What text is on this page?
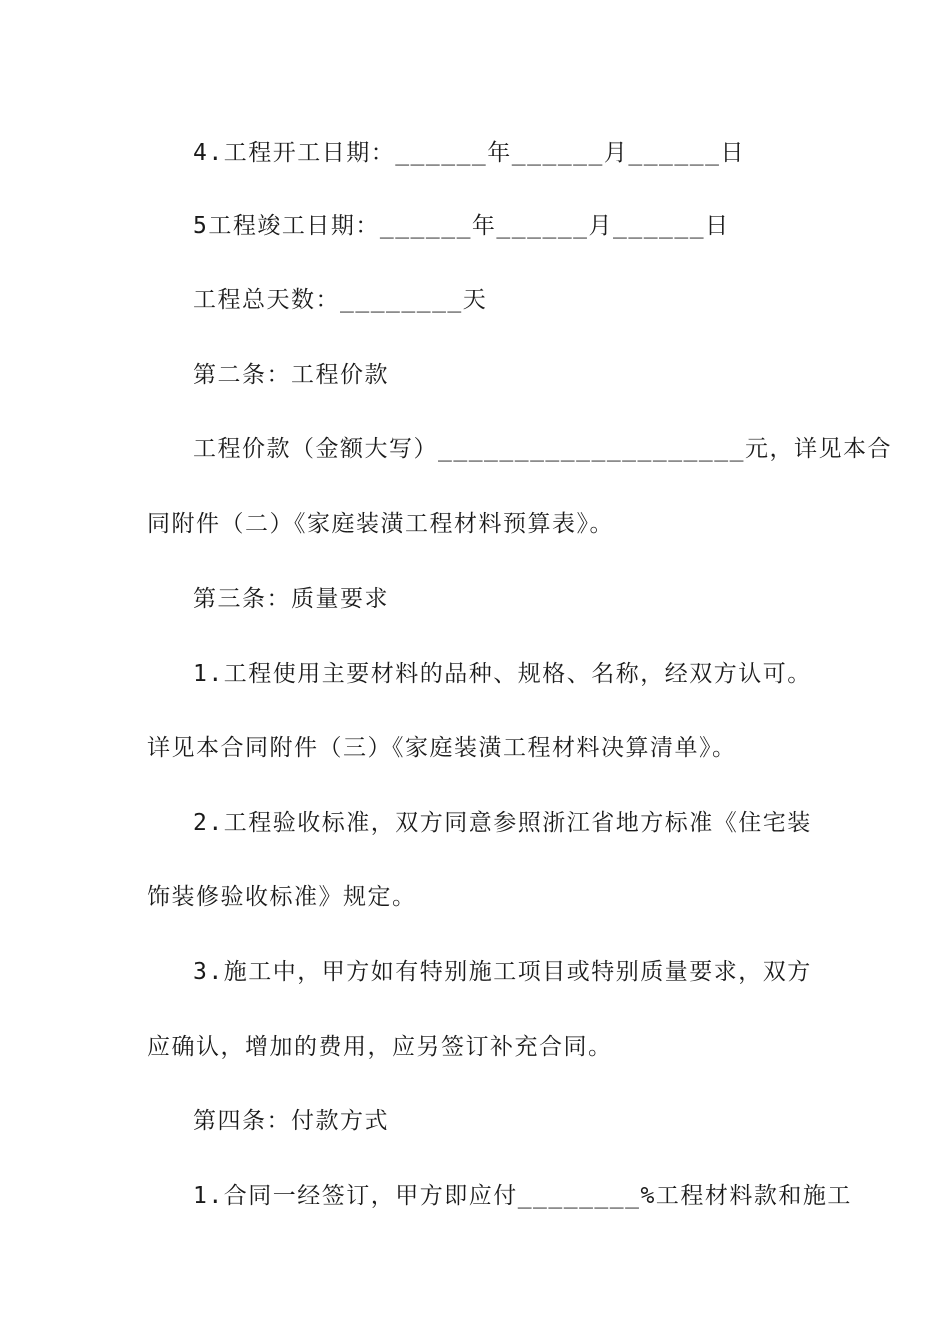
4.工程开工日期：______年______月______日
5工程竣工日期：______年______月______日
工程总天数：________天
第二条：工程价款
工程价款（金额大写）____________________元，详见本合
同附件（二）《家庭装潢工程材料预算表》。
第三条：质量要求
1.工程使用主要材料的品种、规格、名称，经双方认可。
详见本合同附件（三）《家庭装潢工程材料决算清单》。
2.工程验收标准，双方同意参照浙江省地方标准《住宅装
饰装修验收标准》规定。
3.施工中，甲方如有特别施工项目或特别质量要求，双方
应确认，增加的费用，应另签订补充合同。
第四条：付款方式
1.合同一经签订，甲方即应付________%工程材料款和施工
